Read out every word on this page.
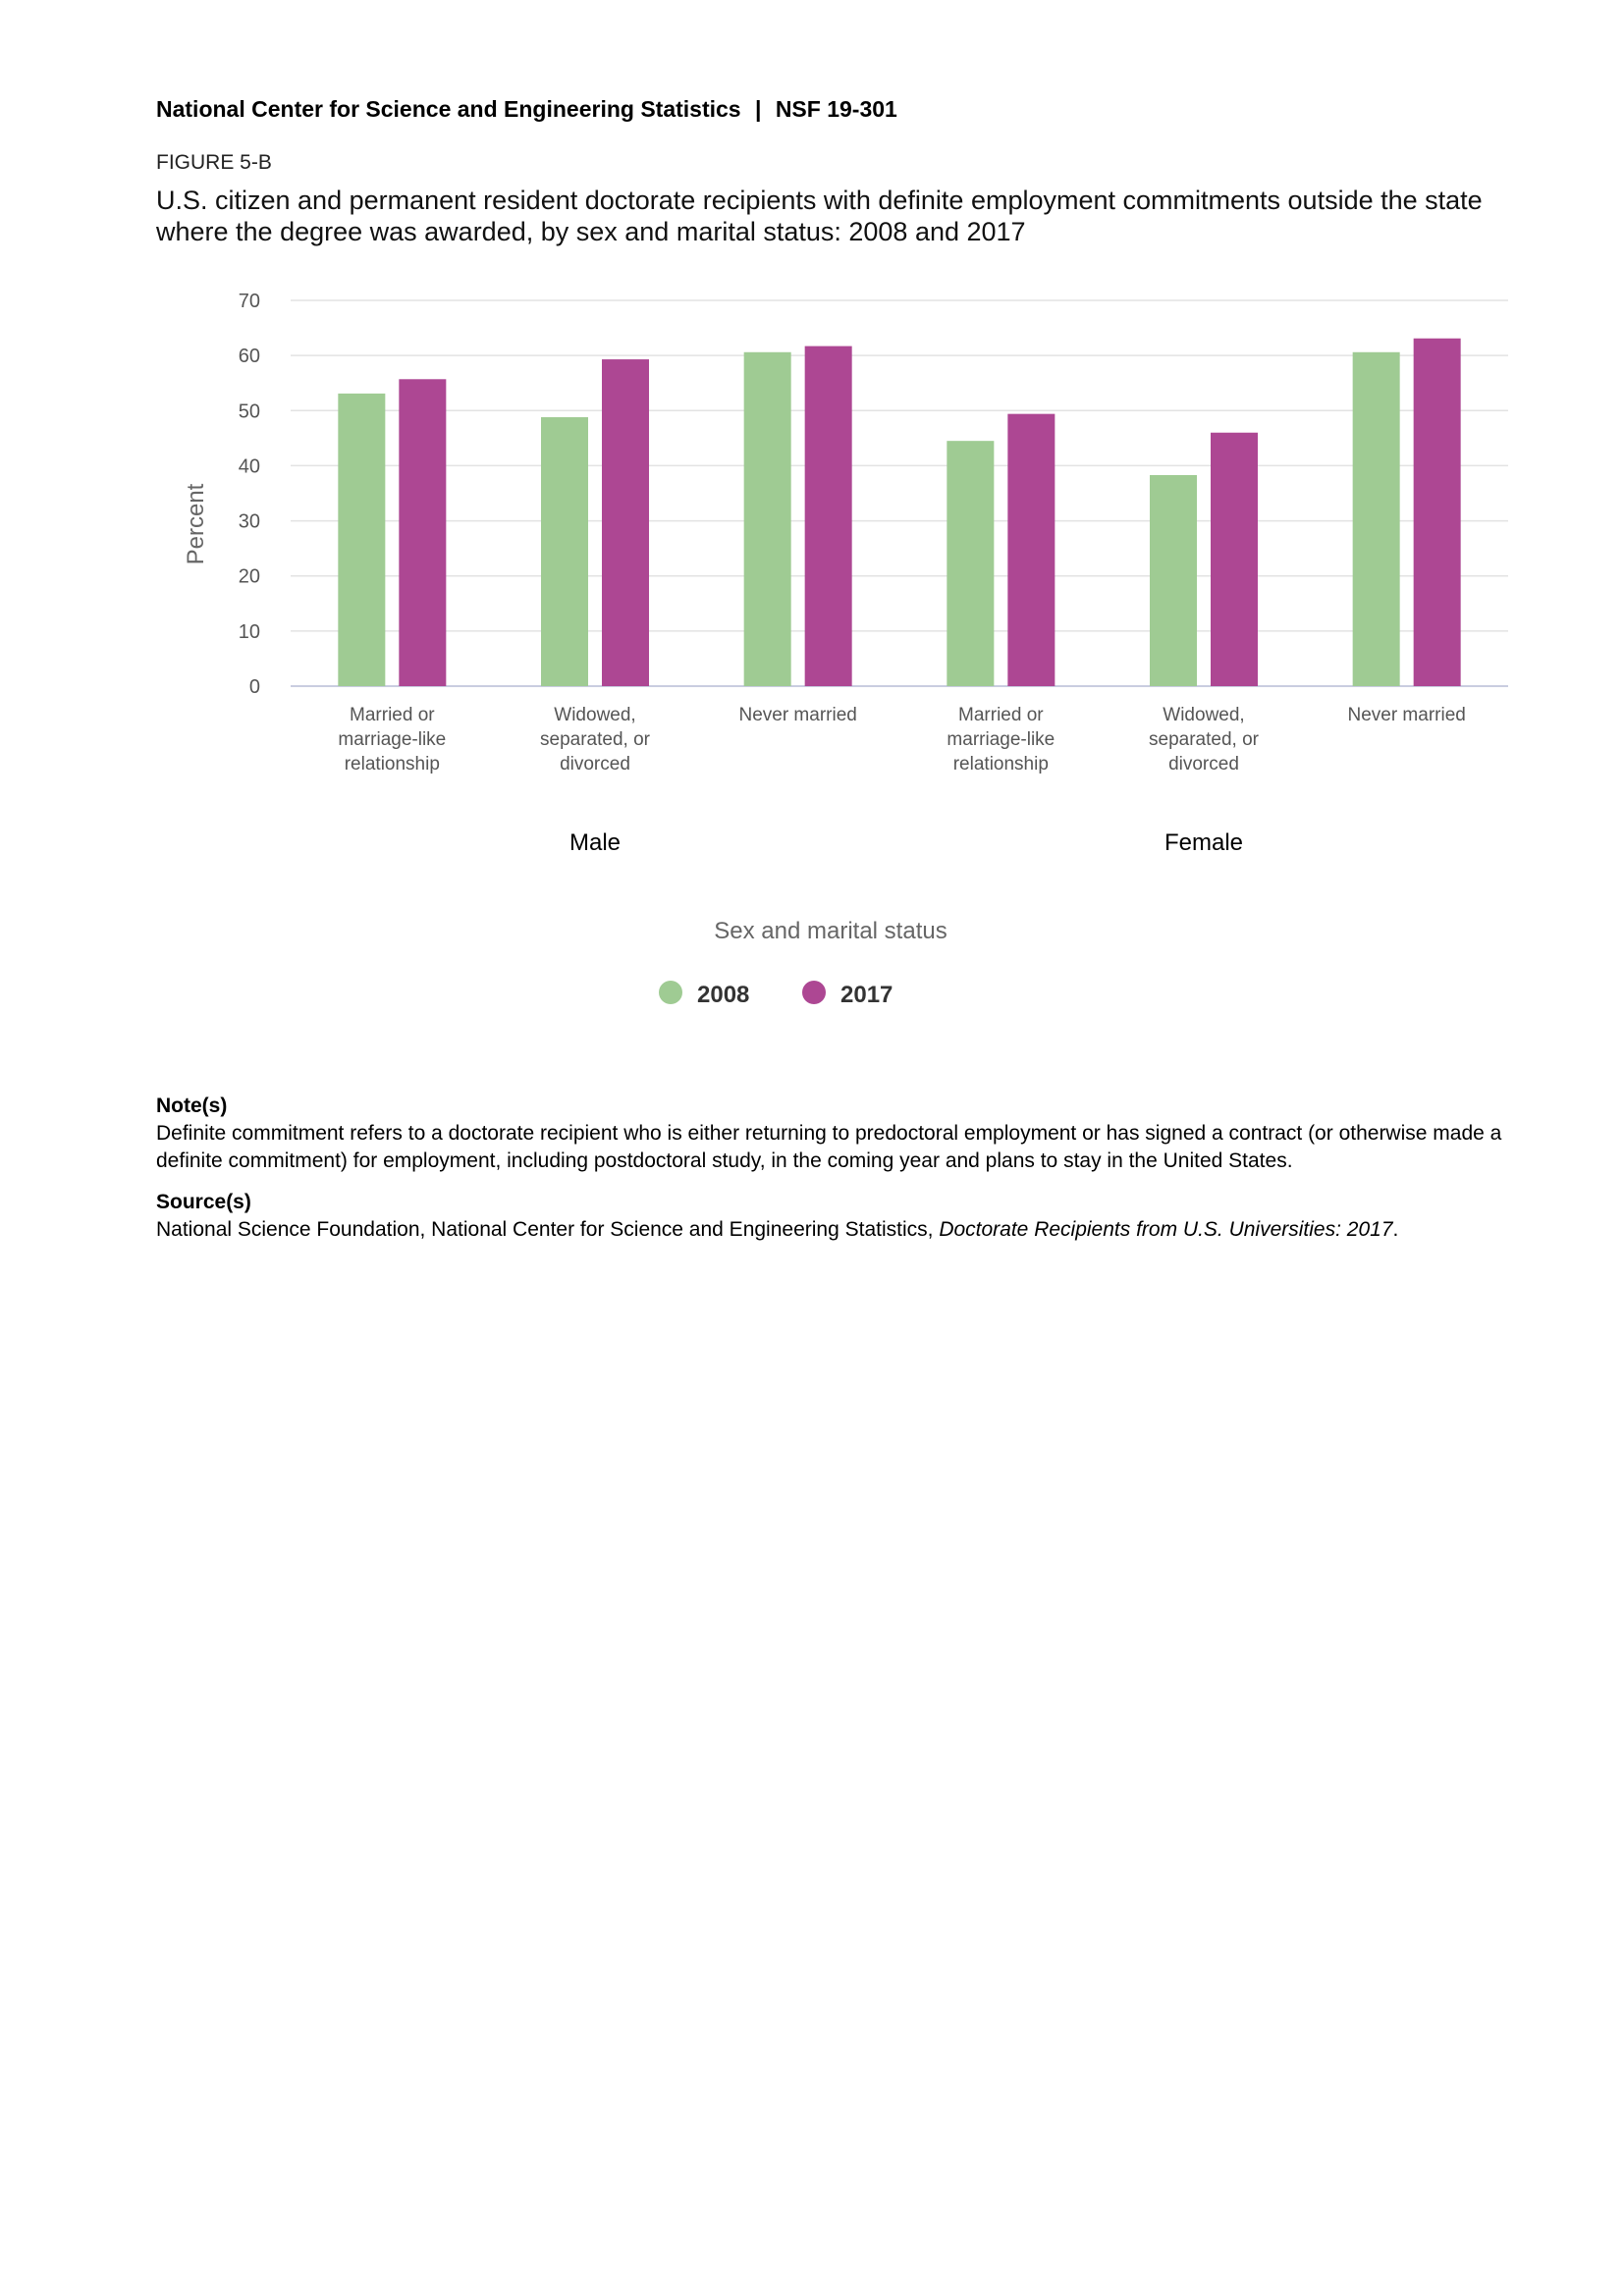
National Center for Science and Engineering Statistics | NSF 19-301
FIGURE 5-B
U.S. citizen and permanent resident doctorate recipients with definite employment commitments outside the state where the degree was awarded, by sex and marital status: 2008 and 2017
0
10
20
30
40
50
60
70
Percent
Married or
marriage-like
relationship
Widowed,
separated, or
divorced
Never married	Married or
marriage-like
relationship
Widowed,
separated, or
divorced
Never married
Male	Female
Sex and marital status
2008	2017

Note(s)

Definite commitment refers to a doctorate recipient who is either returning to predoctoral employment or has signed a contract (or otherwise made a definite commitment) for employment, including postdoctoral study, in the coming year and plans to stay in the United States.

Source(s)

National Science Foundation, National Center for Science and Engineering Statistics, Doctorate Recipients from U.S. Universities: 2017.
